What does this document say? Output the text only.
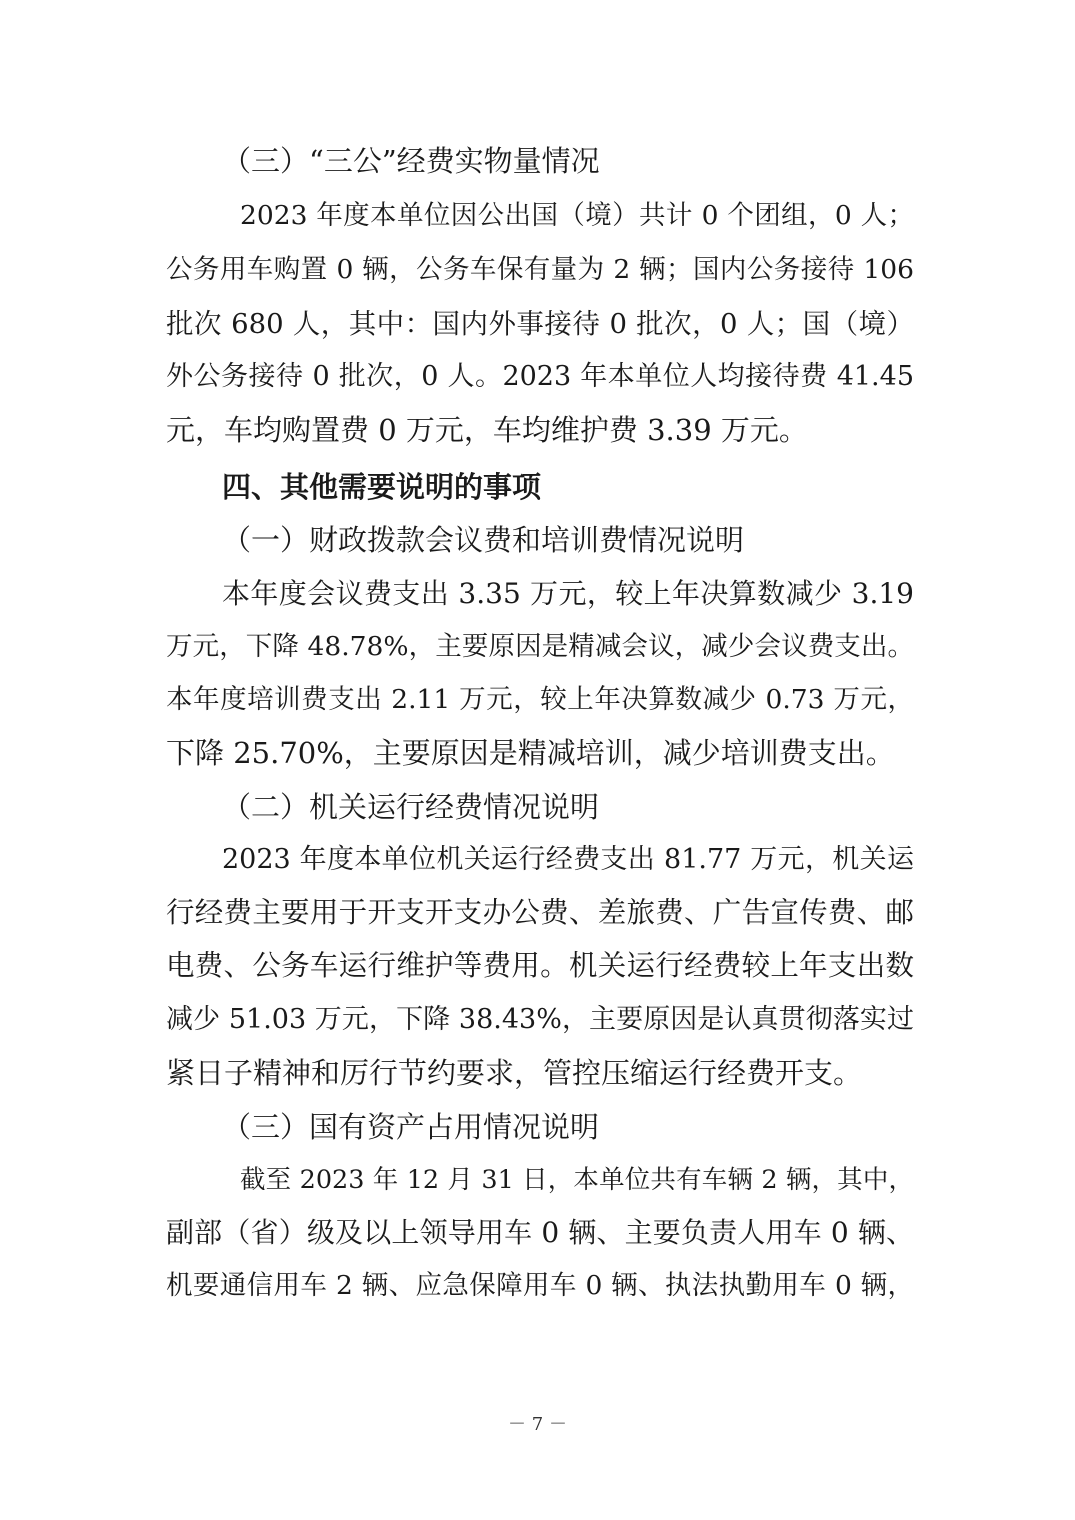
（三）“三公”经费实物量情况
2023 年度本单位因公出国（境）共计 0 个团组，0 人；
公务用车购置 0 辆，公务车保有量为 2 辆；国内公务接待 106
批次 680 人，其中：国内外事接待 0 批次，0 人；国（境）
外公务接待 0 批次，0 人。2023 年本单位人均接待费 41.45
元，车均购置费 0 万元，车均维护费 3.39 万元。
四、其他需要说明的事项
（一）财政拨款会议费和培训费情况说明
本年度会议费支出 3.35 万元，较上年决算数减少 3.19
万元，下降 48.78%，主要原因是精减会议，减少会议费支出。
本年度培训费支出 2.11 万元，较上年决算数减少 0.73 万元，
下降 25.70%，主要原因是精减培训，减少培训费支出。
（二）机关运行经费情况说明
2023 年度本单位机关运行经费支出 81.77 万元，机关运
行经费主要用于开支开支办公费、差旅费、广告宣传费、邮
电费、公务车运行维护等费用。机关运行经费较上年支出数
减少 51.03 万元，下降 38.43%，主要原因是认真贯彻落实过
紧日子精神和厉行节约要求，管控压缩运行经费开支。
（三）国有资产占用情况说明
截至 2023 年 12 月 31 日，本单位共有车辆 2 辆，其中，
副部（省）级及以上领导用车 0 辆、主要负责人用车 0 辆、
机要通信用车 2 辆、应急保障用车 0 辆、执法执勤用车 0 辆，
－ 7 －
